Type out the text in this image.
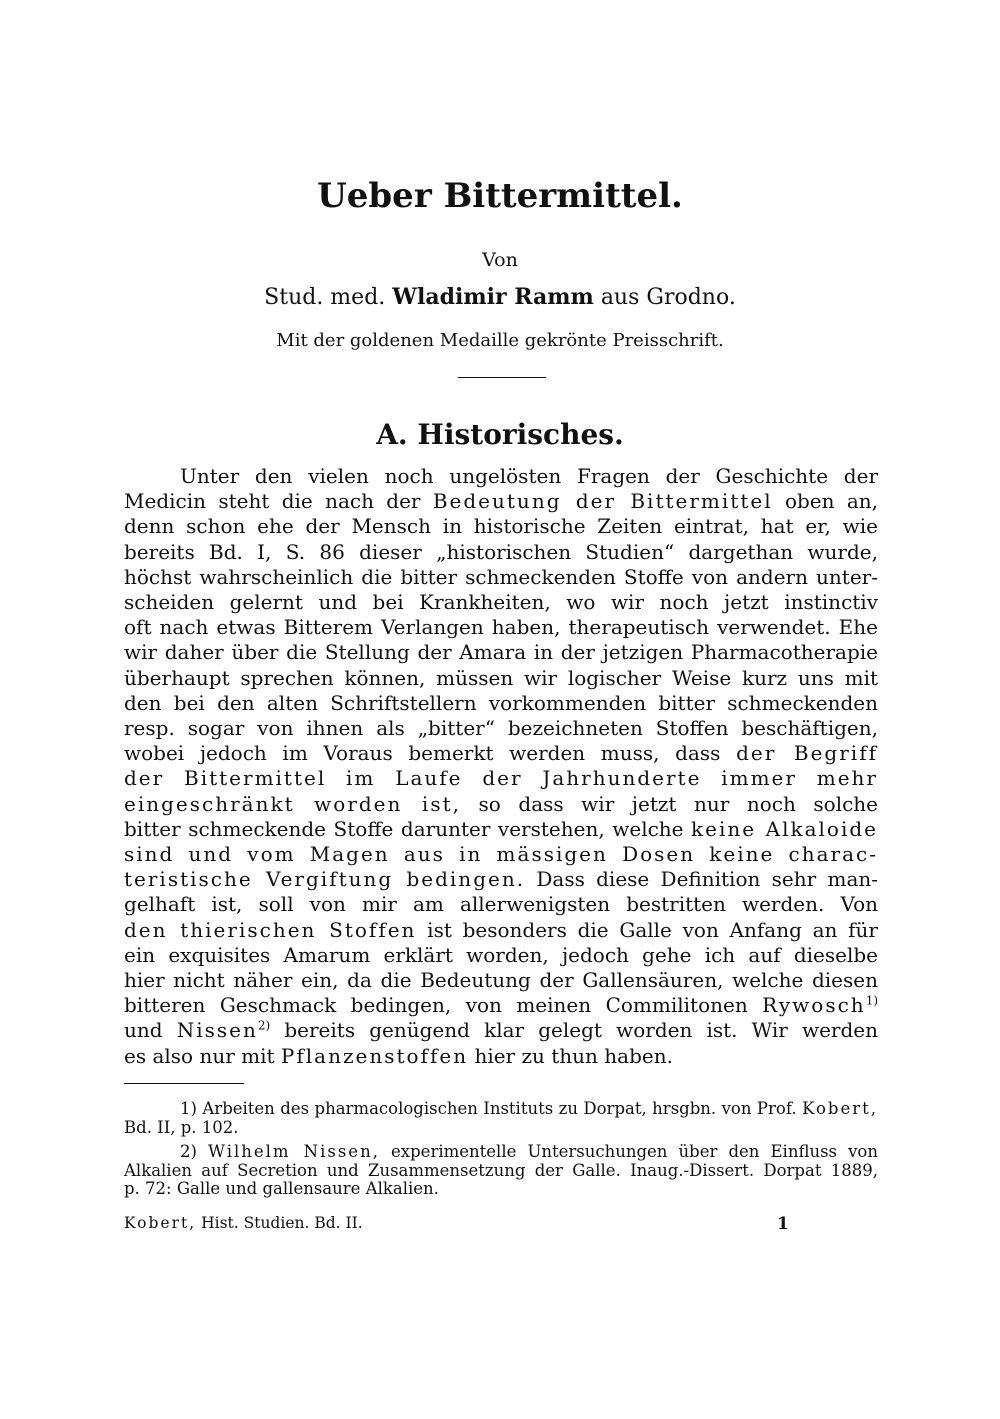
Ueber Bittermittel.
Von
Stud. med. Wladimir Ramm aus Grodno.
Mit der goldenen Medaille gekrönte Preisschrift.
A. Historisches.
Unter den vielen noch ungelösten Fragen der Geschichte der
Medicin steht die nach der Bedeutung der Bittermittel oben an,
denn schon ehe der Mensch in historische Zeiten eintrat, hat er, wie
bereits Bd. I, S. 86 dieser „historischen Studien“ dargethan wurde,
höchst wahrscheinlich die bitter schmeckenden Stoffe von andern unter-
scheiden gelernt und bei Krankheiten, wo wir noch jetzt instinctiv
oft nach etwas Bitterem Verlangen haben, therapeutisch verwendet. Ehe
wir daher über die Stellung der Amara in der jetzigen Pharmacotherapie
überhaupt sprechen können, müssen wir logischer Weise kurz uns mit
den bei den alten Schriftstellern vorkommenden bitter schmeckenden
resp. sogar von ihnen als „bitter“ bezeichneten Stoffen beschäftigen,
wobei jedoch im Voraus bemerkt werden muss, dass der Begriff
der Bittermittel im Laufe der Jahrhunderte immer mehr
eingeschränkt worden ist, so dass wir jetzt nur noch solche
bitter schmeckende Stoffe darunter verstehen, welche keine Alkaloide
sind und vom Magen aus in mässigen Dosen keine charac-
teristische Vergiftung bedingen. Dass diese Definition sehr man-
gelhaft ist, soll von mir am allerwenigsten bestritten werden. Von
den thierischen Stoffen ist besonders die Galle von Anfang an für
ein exquisites Amarum erklärt worden, jedoch gehe ich auf dieselbe
hier nicht näher ein, da die Bedeutung der Gallensäuren, welche diesen
bitteren Geschmack bedingen, von meinen Commilitonen Rywosch$^{1)}$
und Nissen$^{2)}$ bereits genügend klar gelegt worden ist. Wir werden
es also nur mit Pflanzenstoffen hier zu thun haben.
1) Arbeiten des pharmacologischen Instituts zu Dorpat, hrsgbn. von Prof. Kobert,
Bd. II, p. 102.
2) Wilhelm Nissen, experimentelle Untersuchungen über den Einfluss von
Alkalien auf Secretion und Zusammensetzung der Galle. Inaug.-Dissert. Dorpat 1889,
p. 72: Galle und gallensaure Alkalien.
Kobert, Hist. Studien. Bd. II.	1
